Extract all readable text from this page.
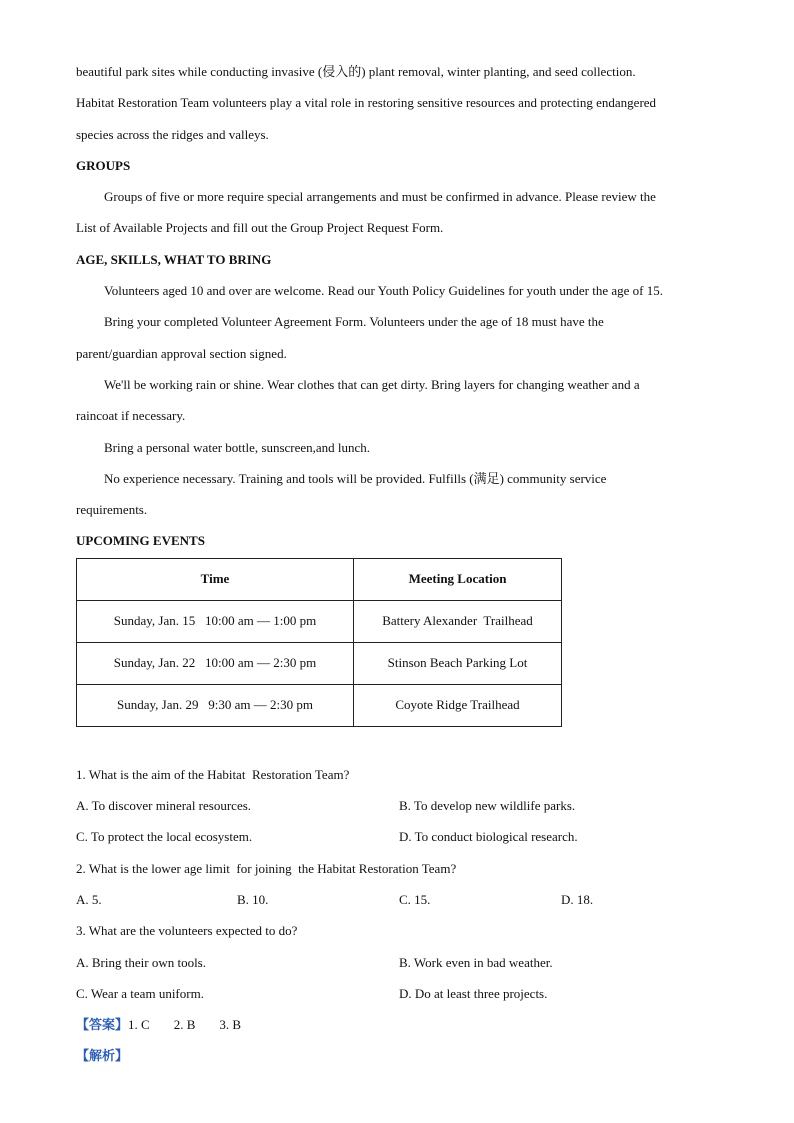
beautiful park sites while conducting invasive (侵入的) plant removal, winter planting, and seed collection.
Habitat Restoration Team volunteers play a vital role in restoring sensitive resources and protecting endangered
species across the ridges and valleys.
GROUPS
Groups of five or more require special arrangements and must be confirmed in advance. Please review the
List of Available Projects and fill out the Group Project Request Form.
AGE, SKILLS, WHAT TO BRING
Volunteers aged 10 and over are welcome. Read our Youth Policy Guidelines for youth under the age of 15.
Bring your completed Volunteer Agreement Form. Volunteers under the age of 18 must have the
parent/guardian approval section signed.
We'll be working rain or shine. Wear clothes that can get dirty. Bring layers for changing weather and a
raincoat if necessary.
Bring a personal water bottle, sunscreen,and lunch.
No experience necessary. Training and tools will be provided. Fulfills (满足) community service
requirements.
UPCOMING EVENTS
Time	Meeting Location
Sunday, Jan. 15   10:00 am — 1:00 pm	Battery Alexander  Trailhead
Sunday, Jan. 22   10:00 am — 2:30 pm	Stinson Beach Parking Lot
Sunday, Jan. 29   9:30 am — 2:30 pm	Coyote Ridge Trailhead
1. What is the aim of the Habitat  Restoration Team?
A. To discover mineral resources.	B. To develop new wildlife parks.
C. To protect the local ecosystem.	D. To conduct biological research.
2. What is the lower age limit  for joining  the Habitat Restoration Team?
A. 5.	B. 10.	C. 15.	D. 18.
3. What are the volunteers expected to do?
A. Bring their own tools.	B. Work even in bad weather.
C. Wear a team uniform.	D. Do at least three projects.
【答案】1. C 2. B 3. B
【解析】
